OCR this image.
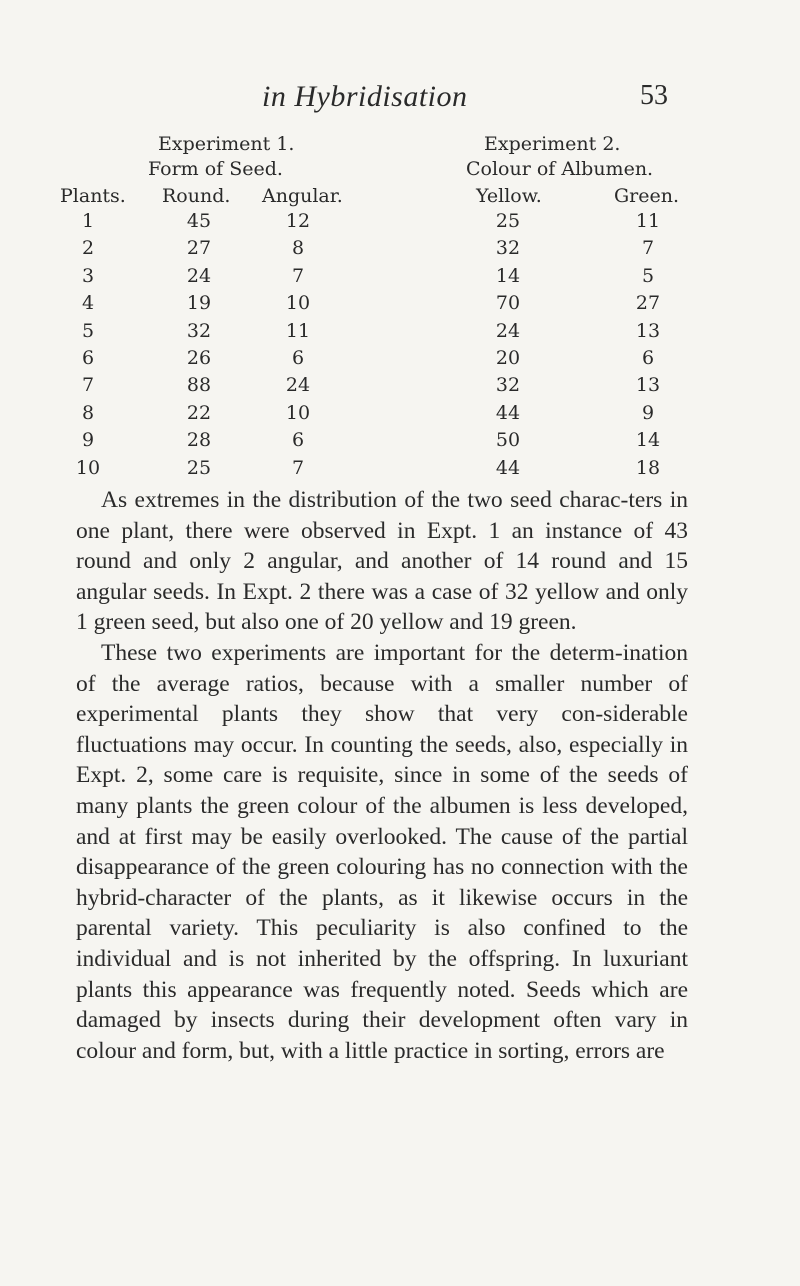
in Hybridisation	53
Experiment 1.
Form of Seed.
Experiment 2.
Colour of Albumen.
Plants. Round. Angular.	Yellow.	Green.
1	45	12	25	11
2	27	8	32	7
3	24	7	14	5
4	19	10	70	27
5	32	11	24	13
6	26	6	20	6
7	88	24	32	13
8	22	10	44	9
9	28	6	50	14
10	25	7	44	18

As extremes in the distribution of the two seed charac-ters in one plant, there were observed in Expt. 1 an instance of 43 round and only 2 angular, and another of 14 round and 15 angular seeds. In Expt. 2 there was a case of 32 yellow and only 1 green seed, but also one of 20 yellow and 19 green.

These two experiments are important for the determ-ination of the average ratios, because with a smaller number of experimental plants they show that very con-siderable fluctuations may occur. In counting the seeds, also, especially in Expt. 2, some care is requisite, since in some of the seeds of many plants the green colour of the albumen is less developed, and at first may be easily overlooked. The cause of the partial disappearance of the green colouring has no connection with the hybrid-character of the plants, as it likewise occurs in the parental variety. This peculiarity is also confined to the individual and is not inherited by the offspring. In luxuriant plants this appearance was frequently noted. Seeds which are damaged by insects during their development often vary in colour and form, but, with a little practice in sorting, errors are
